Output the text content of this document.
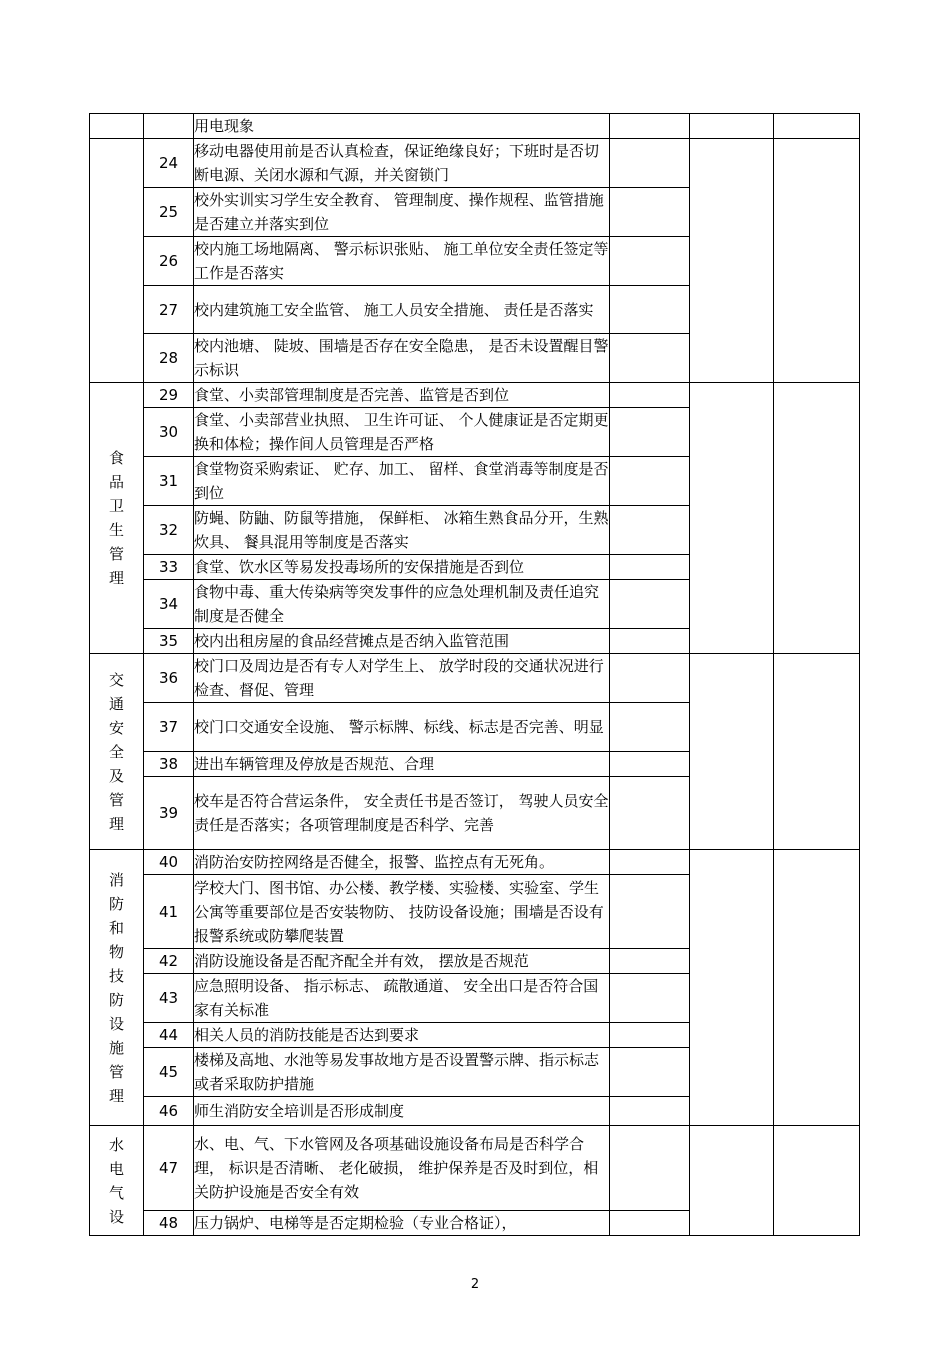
		用电现象			
	24	移动电器使用前是否认真检查，保证绝缘良好；下班时是否切断电源、关闭水源和气源，并关窗锁门			
	25	校外实训实习学生安全教育、 管理制度、操作规程、监管措施是否建立并落实到位			
	26	校内施工场地隔离、 警示标识张贴、 施工单位安全责任签定等工作是否落实			
	27	校内建筑施工安全监管、 施工人员安全措施、 责任是否落实			
	28	校内池塘、 陡坡、围墙是否存在安全隐患， 是否未设置醒目警示标识			
食品卫生管理	29	食堂、小卖部管理制度是否完善、监管是否到位			
	30	食堂、小卖部营业执照、 卫生许可证、 个人健康证是否定期更换和体检；操作间人员管理是否严格			
	31	食堂物资采购索证、 贮存、加工、 留样、食堂消毒等制度是否到位			
	32	防蝇、防鼬、防鼠等措施， 保鲜柜、 冰箱生熟食品分开，生熟炊具、 餐具混用等制度是否落实			
	33	食堂、饮水区等易发投毒场所的安保措施是否到位			
	34	食物中毒、重大传染病等突发事件的应急处理机制及责任追究制度是否健全			
	35	校内出租房屋的食品经营摊点是否纳入监管范围			
交通安全及管理	36	校门口及周边是否有专人对学生上、 放学时段的交通状况进行检查、督促、管理			
	37	校门口交通安全设施、 警示标牌、标线、标志是否完善、明显			
	38	进出车辆管理及停放是否规范、合理			
	39	校车是否符合营运条件， 安全责任书是否签订， 驾驶人员安全责任是否落实；各项管理制度是否科学、完善			
消防和物技防设施管理	40	消防治安防控网络是否健全，报警、监控点有无死角。			
	41	学校大门、图书馆、办公楼、教学楼、实验楼、实验室、学生公寓等重要部位是否安装物防、 技防设备设施；围墙是否设有报警系统或防攀爬装置			
	42	消防设施设备是否配齐配全并有效， 摆放是否规范			
	43	应急照明设备、 指示标志、 疏散通道、 安全出口是否符合国家有关标准			
	44	相关人员的消防技能是否达到要求			
	45	楼梯及高地、水池等易发事故地方是否设置警示牌、指示标志或者采取防护措施			
	46	师生消防安全培训是否形成制度			
水电气设	47	水、电、气、下水管网及各项基础设施设备布局是否科学合理， 标识是否清晰、 老化破损， 维护保养是否及时到位，相关防护设施是否安全有效			
	48	压力锅炉、电梯等是否定期检验（专业合格证），			
2
